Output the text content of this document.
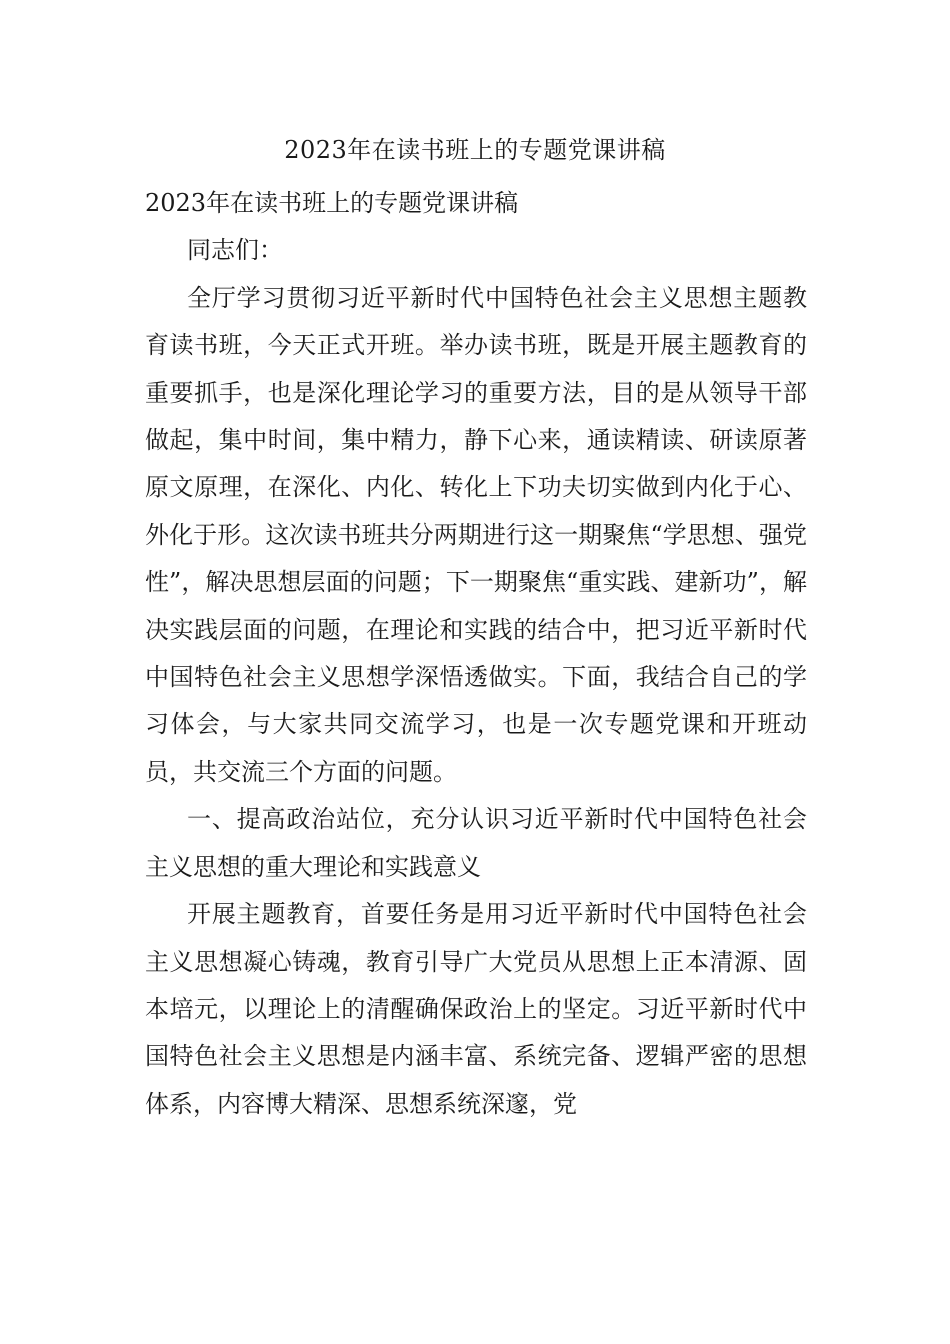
2023年在读书班上的专题党课讲稿

2023年在读书班上的专题党课讲稿

同志们：

全厅学习贯彻习近平新时代中国特色社会主义思想主题教育读书班，今天正式开班。举办读书班，既是开展主题教育的重要抓手，也是深化理论学习的重要方法，目的是从领导干部做起，集中时间，集中精力，静下心来，通读精读、研读原著原文原理，在深化、内化、转化上下功夫切实做到内化于心、外化于形。这次读书班共分两期进行这一期聚焦“学思想、强党性”，解决思想层面的问题；下一期聚焦“重实践、建新功”，解决实践层面的问题，在理论和实践的结合中，把习近平新时代中国特色社会主义思想学深悟透做实。下面，我结合自己的学习体会，与大家共同交流学习，也是一次专题党课和开班动员，共交流三个方面的问题。

一、提高政治站位，充分认识习近平新时代中国特色社会主义思想的重大理论和实践意义

开展主题教育，首要任务是用习近平新时代中国特色社会主义思想凝心铸魂，教育引导广大党员从思想上正本清源、固本培元，以理论上的清醒确保政治上的坚定。习近平新时代中国特色社会主义思想是内涵丰富、系统完备、逻辑严密的思想体系，内容博大精深、思想系统深邃，党
